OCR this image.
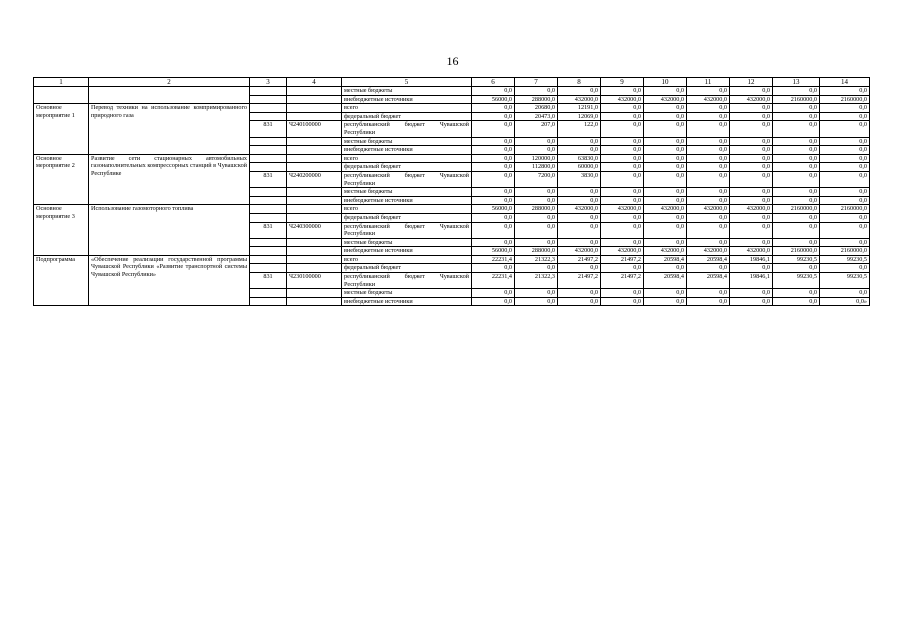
16
1	2	3	4	5	6	7	8	9	10	11	12	13	14
				местные бюджеты	0,0	0,0	0,0	0,0	0,0	0,0	0,0	0,0	0,0
				внебюджетные источники	56000,0	288000,0	432000,0	432000,0	432000,0	432000,0	432000,0	2160000,0	2160000,0
Основное мероприятие 1	Перевод техники на использование компримированного природного газа			всего	0,0	20680,0	12191,0	0,0	0,0	0,0	0,0	0,0	0,0
				федеральный бюджет	0,0	20473,0	12069,0	0,0	0,0	0,0	0,0	0,0	0,0
		831	Ч240100000	республиканский бюджет Чувашской Республики	0,0	207,0	122,0	0,0	0,0	0,0	0,0	0,0	0,0
				местные бюджеты	0,0	0,0	0,0	0,0	0,0	0,0	0,0	0,0	0,0
				внебюджетные источники	0,0	0,0	0,0	0,0	0,0	0,0	0,0	0,0	0,0
Основное мероприятие 2	Развитие сети стационарных автомобильных газонаполнительных компрессорных станций в Чувашской Республике			всего	0,0	120000,0	63830,0	0,0	0,0	0,0	0,0	0,0	0,0
				федеральный бюджет	0,0	112800,0	60000,0	0,0	0,0	0,0	0,0	0,0	0,0
		831	Ч240200000	республиканский бюджет Чувашской Республики	0,0	7200,0	3830,0	0,0	0,0	0,0	0,0	0,0	0,0
				местные бюджеты	0,0	0,0	0,0	0,0	0,0	0,0	0,0	0,0	0,0
				внебюджетные источники	0,0	0,0	0,0	0,0	0,0	0,0	0,0	0,0	0,0
Основное мероприятие 3	Использование газомоторного топлива			всего	56000,0	288000,0	432000,0	432000,0	432000,0	432000,0	432000,0	2160000,0	2160000,0
				федеральный бюджет	0,0	0,0	0,0	0,0	0,0	0,0	0,0	0,0	0,0
		831	Ч240300000	республиканский бюджет Чувашской Республики	0,0	0,0	0,0	0,0	0,0	0,0	0,0	0,0	0,0
				местные бюджеты	0,0	0,0	0,0	0,0	0,0	0,0	0,0	0,0	0,0
				внебюджетные источники	56000,0	288000,0	432000,0	432000,0	432000,0	432000,0	432000,0	2160000,0	2160000,0
Подпрограмма	«Обеспечение реализации государственной программы Чувашской Республики «Развитие транспортной системы Чувашской Республики»			всего	22231,4	21322,3	21497,2	21497,2	20598,4	20598,4	19846,1	99230,5	99230,5
				федеральный бюджет	0,0	0,0	0,0	0,0	0,0	0,0	0,0	0,0	0,0
		831	Ч230100000	республиканский бюджет Чувашской Республики	22231,4	21322,3	21497,2	21497,2	20598,4	20598,4	19846,1	99230,5	99230,5
				местные бюджеты	0,0	0,0	0,0	0,0	0,0	0,0	0,0	0,0	0,0
				внебюджетные источники	0,0	0,0	0,0	0,0	0,0	0,0	0,0	0,0	0,0»
